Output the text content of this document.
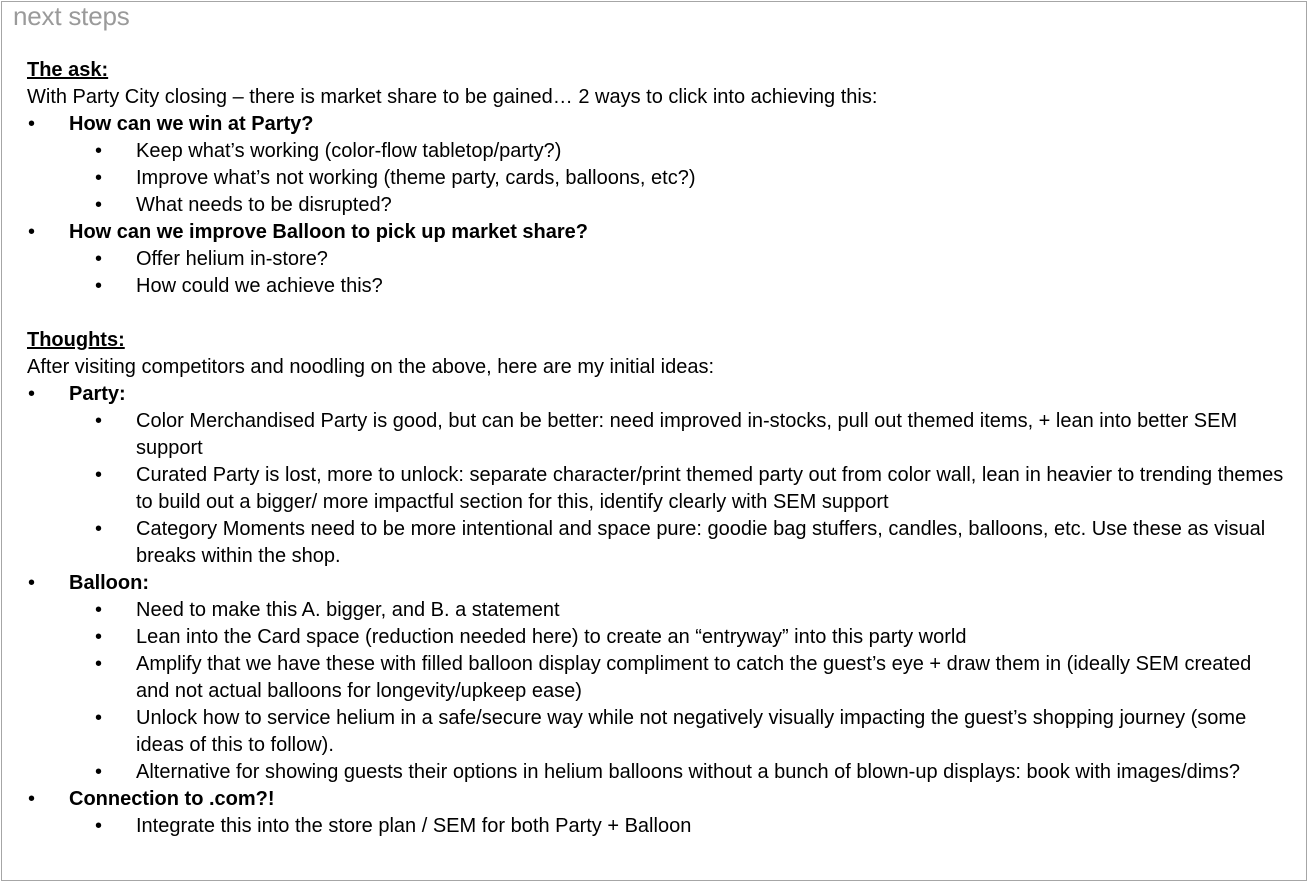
next steps
The ask:
With Party City closing – there is market share to be gained… 2 ways to click into achieving this:
• How can we win at Party?
• Keep what’s working (color-flow tabletop/party?)
• Improve what’s not working (theme party, cards, balloons, etc?)
• What needs to be disrupted?
• How can we improve Balloon to pick up market share?
• Offer helium in-store?
• How could we achieve this?
Thoughts:
After visiting competitors and noodling on the above, here are my initial ideas:
• Party:
• Color Merchandised Party is good, but can be better: need improved in-stocks, pull out themed items, + lean into better SEM support
• Curated Party is lost, more to unlock: separate character/print themed party out from color wall, lean in heavier to trending themes to build out a bigger/ more impactful section for this, identify clearly with SEM support
• Category Moments need to be more intentional and space pure: goodie bag stuffers, candles, balloons, etc. Use these as visual breaks within the shop.
• Balloon:
• Need to make this A. bigger, and B. a statement
• Lean into the Card space (reduction needed here) to create an “entryway” into this party world
• Amplify that we have these with filled balloon display compliment to catch the guest’s eye + draw them in (ideally SEM created and not actual balloons for longevity/upkeep ease)
• Unlock how to service helium in a safe/secure way while not negatively visually impacting the guest’s shopping journey (some ideas of this to follow).
• Alternative for showing guests their options in helium balloons without a bunch of blown-up displays: book with images/dims?
• Connection to .com?!
• Integrate this into the store plan / SEM for both Party + Balloon
